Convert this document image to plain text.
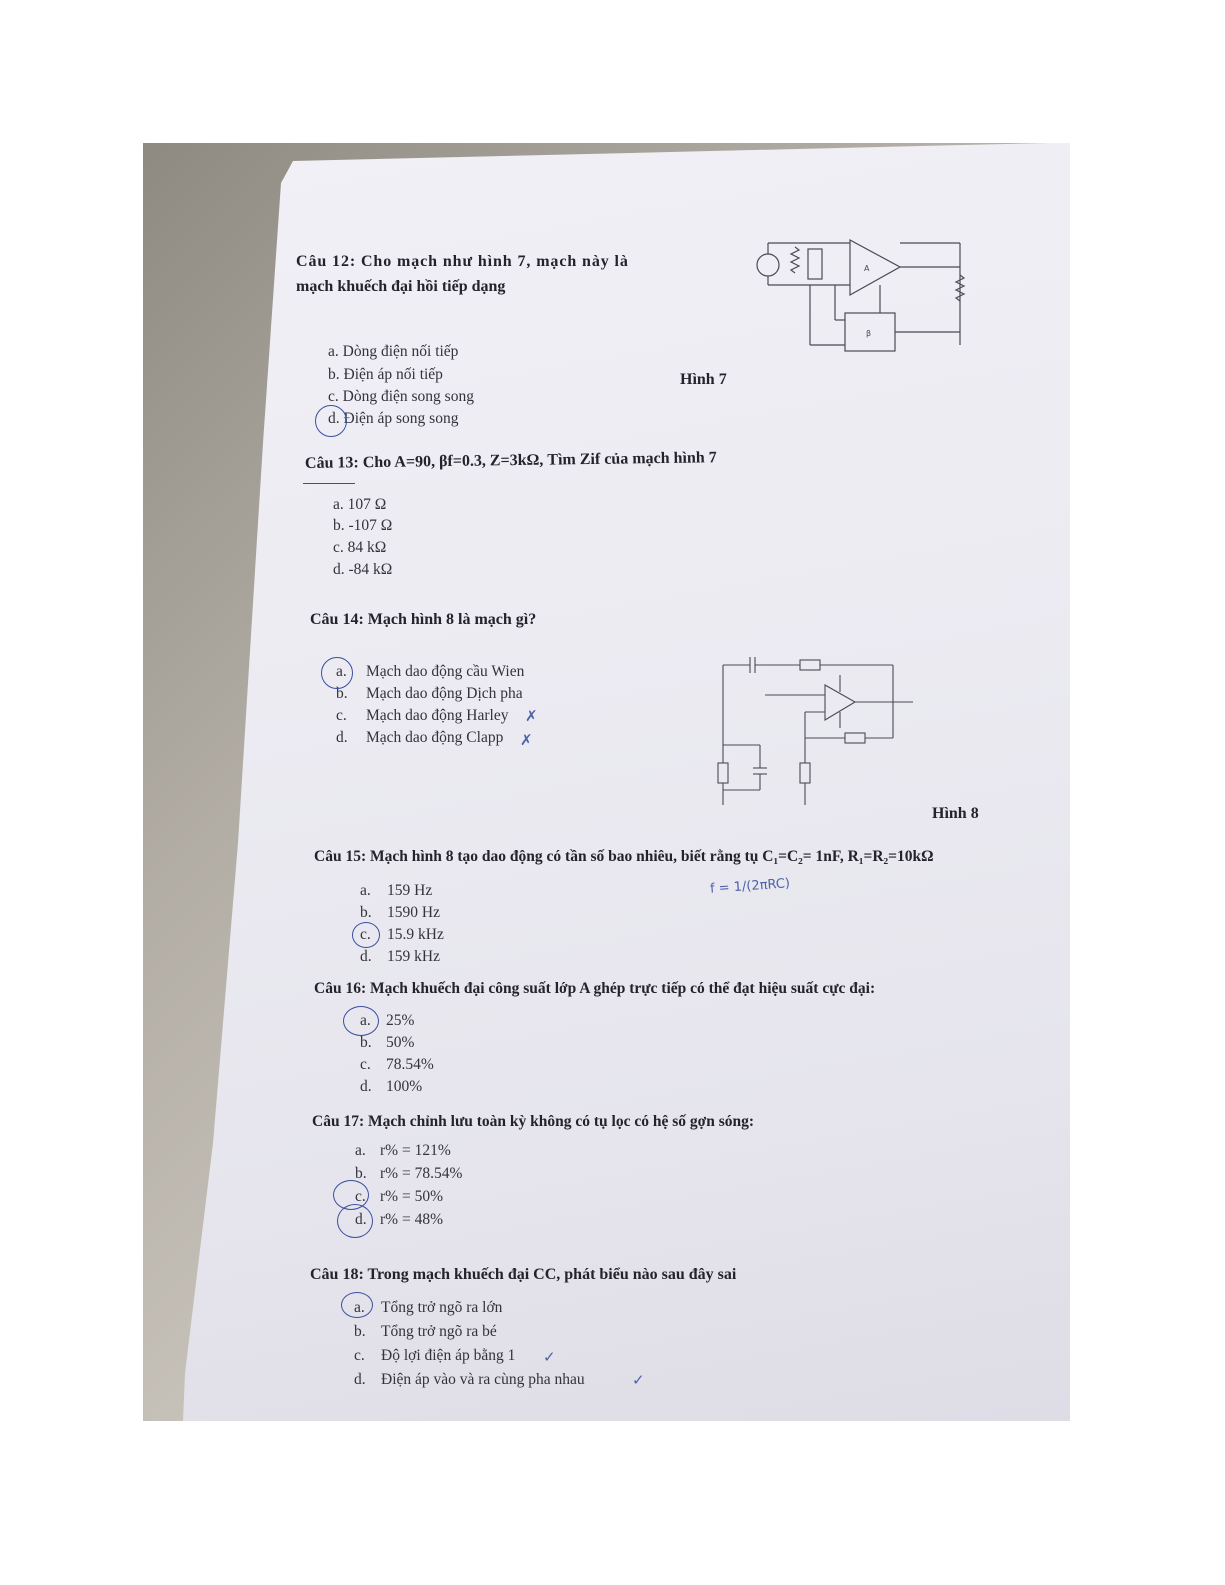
Câu 12: Cho mạch như hình 7, mạch này là
mạch khuếch đại hồi tiếp dạng
a. Dòng điện nối tiếp
b. Điện áp nối tiếp
c. Dòng điện song song
d. Điện áp song song
Hình 7
A
β
Câu 13: Cho A=90, βf=0.3, Z=3kΩ, Tìm Zif của mạch hình 7
a. 107 Ω
b. -107 Ω
c. 84 kΩ
d. -84 kΩ
Câu 14: Mạch hình 8 là mạch gì?
a. Mạch dao động cầu Wien
b. Mạch dao động Dịch pha
c. Mạch dao động Harley
d. Mạch dao động Clapp
✗
✗
Hình 8
Câu 15: Mạch hình 8 tạo dao động có tần số bao nhiêu, biết rằng tụ C₁=C₂= 1nF, R₁=R₂=10kΩ
a. 159 Hz
b. 1590 Hz
c. 15.9 kHz
d. 159 kHz
f = 1/(2πRC)
Câu 16: Mạch khuếch đại công suất lớp A ghép trực tiếp có thể đạt hiệu suất cực đại:
a. 25%
b. 50%
c. 78.54%
d. 100%
Câu 17: Mạch chỉnh lưu toàn kỳ không có tụ lọc có hệ số gợn sóng:
a. r% = 121%
b. r% = 78.54%
c. r% = 50%
d. r% = 48%
Câu 18: Trong mạch khuếch đại CC, phát biểu nào sau đây sai
a. Tổng trở ngõ ra lớn
b. Tổng trở ngõ ra bé
c. Độ lợi điện áp bằng 1
d. Điện áp vào và ra cùng pha nhau
✓
✓
